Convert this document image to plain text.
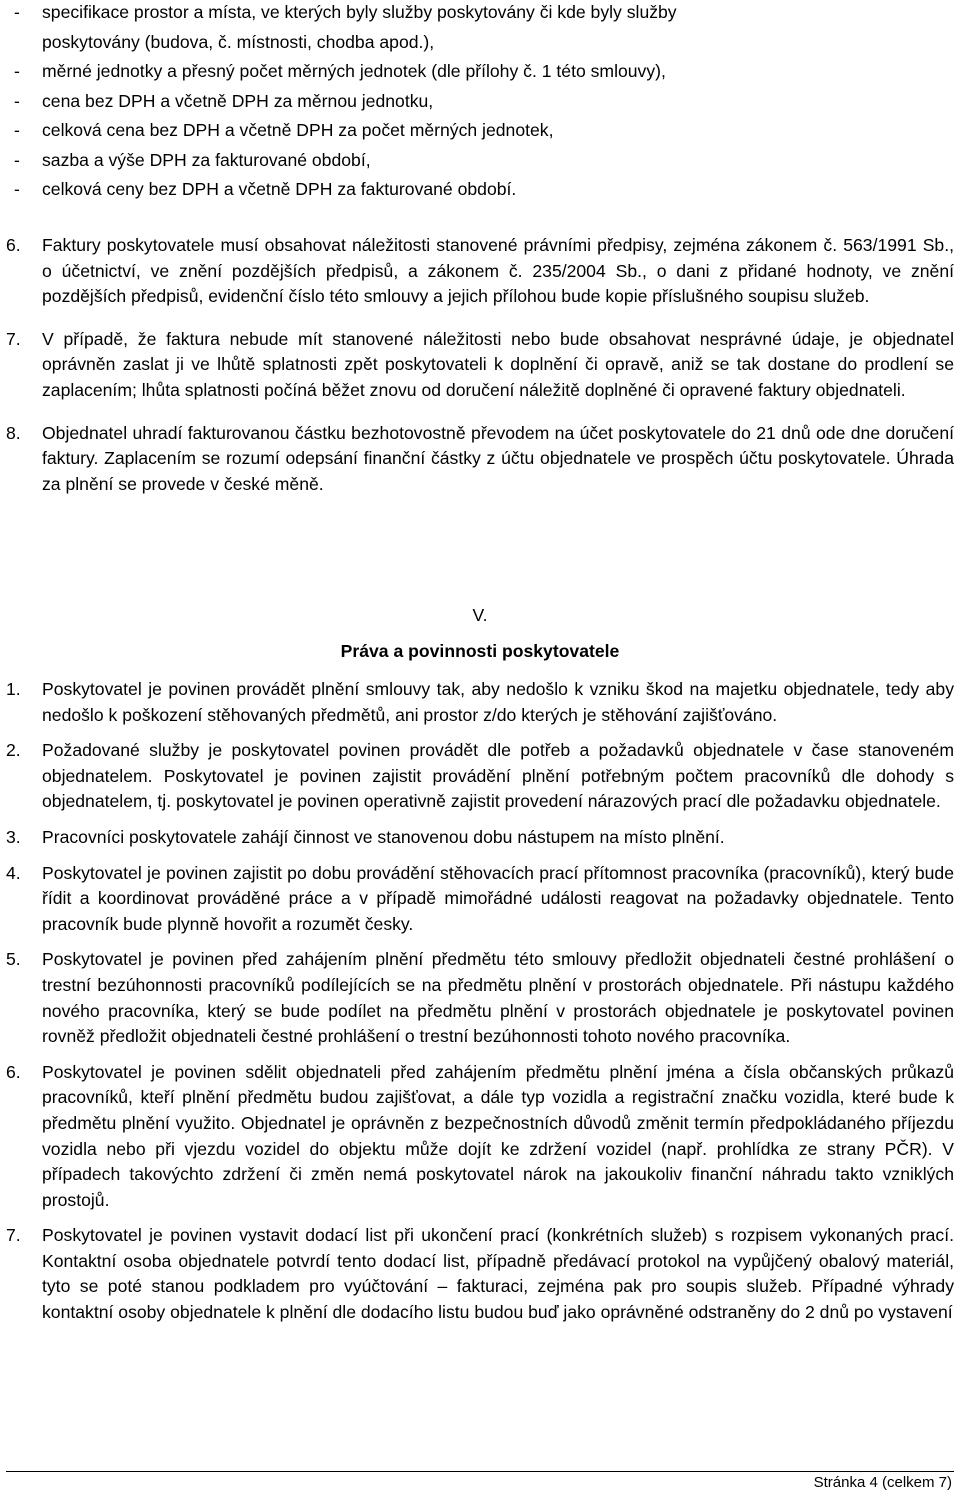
- specifikace prostor a místa, ve kterých byly služby poskytovány či kde byly služby
poskytovány (budova, č. místnosti, chodba apod.),
- měrné jednotky a přesný počet měrných jednotek (dle přílohy č. 1 této smlouvy),
- cena bez DPH a včetně DPH za měrnou jednotku,
- celková cena bez DPH a včetně DPH za počet měrných jednotek,
- sazba a výše DPH za fakturované období,
- celková ceny bez DPH a včetně DPH za fakturované období.
6. Faktury poskytovatele musí obsahovat náležitosti stanovené právními předpisy, zejména zákonem č. 563/1991 Sb., o účetnictví, ve znění pozdějších předpisů, a zákonem č. 235/2004 Sb., o dani z přidané hodnoty, ve znění pozdějších předpisů, evidenční číslo této smlouvy a jejich přílohou bude kopie příslušného soupisu služeb.
7. V případě, že faktura nebude mít stanovené náležitosti nebo bude obsahovat nesprávné údaje, je objednatel oprávněn zaslat ji ve lhůtě splatnosti zpět poskytovateli k doplnění či opravě, aniž se tak dostane do prodlení se zaplacením; lhůta splatnosti počíná běžet znovu od doručení náležitě doplněné či opravené faktury objednateli.
8. Objednatel uhradí fakturovanou částku bezhotovostně převodem na účet poskytovatele do 21 dnů ode dne doručení faktury. Zaplacením se rozumí odepsání finanční částky z účtu objednatele ve prospěch účtu poskytovatele. Úhrada za plnění se provede v české měně.
V.
Práva a povinnosti poskytovatele
1. Poskytovatel je povinen provádět plnění smlouvy tak, aby nedošlo k vzniku škod na majetku objednatele, tedy aby nedošlo k poškození stěhovaných předmětů, ani prostor z/do kterých je stěhování zajišťováno.
2. Požadované služby je poskytovatel povinen provádět dle potřeb a požadavků objednatele v čase stanoveném objednatelem. Poskytovatel je povinen zajistit provádění plnění potřebným počtem pracovníků dle dohody s objednatelem, tj. poskytovatel je povinen operativně zajistit provedení nárazových prací dle požadavku objednatele.
3. Pracovníci poskytovatele zahájí činnost ve stanovenou dobu nástupem na místo plnění.
4. Poskytovatel je povinen zajistit po dobu provádění stěhovacích prací přítomnost pracovníka (pracovníků), který bude řídit a koordinovat prováděné práce a v případě mimořádné události reagovat na požadavky objednatele. Tento pracovník bude plynně hovořit a rozumět česky.
5. Poskytovatel je povinen před zahájením plnění předmětu této smlouvy předložit objednateli čestné prohlášení o trestní bezúhonnosti pracovníků podílejících se na předmětu plnění v prostorách objednatele. Při nástupu každého nového pracovníka, který se bude podílet na předmětu plnění v prostorách objednatele je poskytovatel povinen rovněž předložit objednateli čestné prohlášení o trestní bezúhonnosti tohoto nového pracovníka.
6. Poskytovatel je povinen sdělit objednateli před zahájením předmětu plnění jména a čísla občanských průkazů pracovníků, kteří plnění předmětu budou zajišťovat, a dále typ vozidla a registrační značku vozidla, které bude k předmětu plnění využito. Objednatel je oprávněn z bezpečnostních důvodů změnit termín předpokládaného příjezdu vozidla nebo při vjezdu vozidel do objektu může dojít ke zdržení vozidel (např. prohlídka ze strany PČR). V případech takovýchto zdržení či změn nemá poskytovatel nárok na jakoukoliv finanční náhradu takto vzniklých prostojů.
7. Poskytovatel je povinen vystavit dodací list při ukončení prací (konkrétních služeb) s rozpisem vykonaných prací. Kontaktní osoba objednatele potvrdí tento dodací list, případně předávací protokol na vypůjčený obalový materiál, tyto se poté stanou podkladem pro vyúčtování – fakturaci, zejména pak pro soupis služeb. Případné výhrady kontaktní osoby objednatele k plnění dle dodacího listu budou buď jako oprávněné odstraněny do 2 dnů po vystavení
Stránka 4 (celkem 7)
